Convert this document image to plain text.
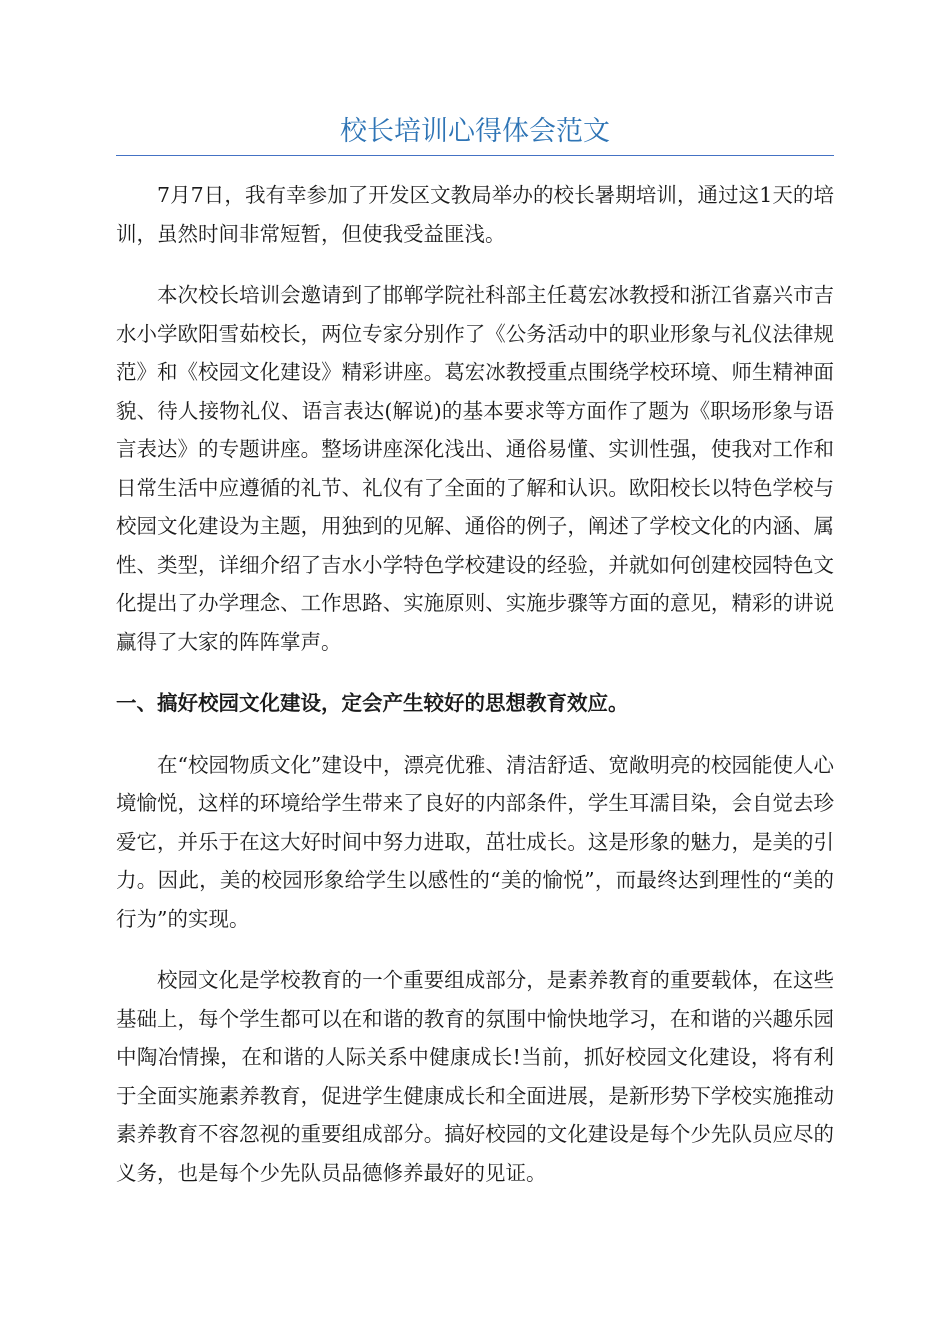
校长培训心得体会范文

7月7日，我有幸参加了开发区文教局举办的校长暑期培训，通过这1天的培训，虽然时间非常短暂，但使我受益匪浅。

本次校长培训会邀请到了邯郸学院社科部主任葛宏冰教授和浙江省嘉兴市吉水小学欧阳雪茹校长，两位专家分别作了《公务活动中的职业形象与礼仪法律规范》和《校园文化建设》精彩讲座。葛宏冰教授重点围绕学校环境、师生精神面貌、待人接物礼仪、语言表达(解说)的基本要求等方面作了题为《职场形象与语言表达》的专题讲座。整场讲座深化浅出、通俗易懂、实训性强，使我对工作和日常生活中应遵循的礼节、礼仪有了全面的了解和认识。欧阳校长以特色学校与校园文化建设为主题，用独到的见解、通俗的例子，阐述了学校文化的内涵、属性、类型，详细介绍了吉水小学特色学校建设的经验，并就如何创建校园特色文化提出了办学理念、工作思路、实施原则、实施步骤等方面的意见，精彩的讲说赢得了大家的阵阵掌声。

一、搞好校园文化建设，定会产生较好的思想教育效应。

在“校园物质文化”建设中，漂亮优雅、清洁舒适、宽敞明亮的校园能使人心境愉悦，这样的环境给学生带来了良好的内部条件，学生耳濡目染，会自觉去珍爱它，并乐于在这大好时间中努力进取，茁壮成长。这是形象的魅力，是美的引力。因此，美的校园形象给学生以感性的“美的愉悦”，而最终达到理性的“美的行为”的实现。

校园文化是学校教育的一个重要组成部分，是素养教育的重要载体，在这些基础上，每个学生都可以在和谐的教育的氛围中愉快地学习，在和谐的兴趣乐园中陶冶情操，在和谐的人际关系中健康成长!当前，抓好校园文化建设，将有利于全面实施素养教育，促进学生健康成长和全面进展，是新形势下学校实施推动素养教育不容忽视的重要组成部分。搞好校园的文化建设是每个少先队员应尽的义务，也是每个少先队员品德修养最好的见证。
